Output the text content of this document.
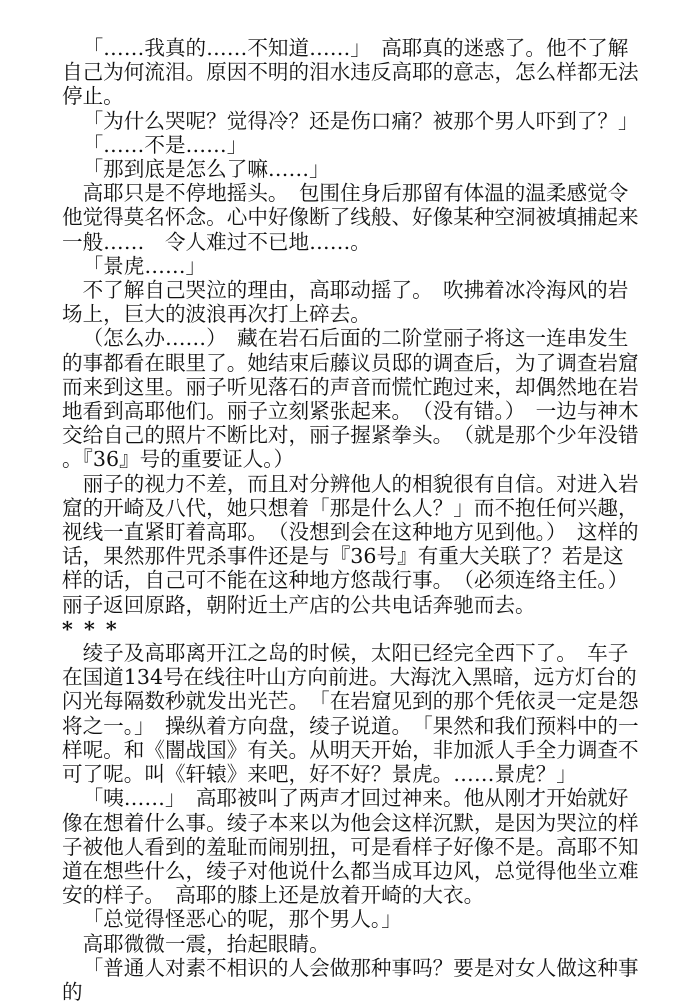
「……我真的……不知道……」　高耶真的迷惑了。他不了解自己为何流泪。原因不明的泪水违反高耶的意志，怎么样都无法停止。

「为什么哭呢？觉得冷？还是伤口痛？被那个男人吓到了？」

「……不是……」

「那到底是怎么了嘛……」

高耶只是不停地摇头。　包围住身后那留有体温的温柔感觉令他觉得莫名怀念。心中好像断了线般、好像某种空洞被填捕起来一般……　令人难过不已地……。

「景虎……」

不了解自己哭泣的理由，高耶动摇了。　吹拂着冰冷海风的岩场上，巨大的波浪再次打上碎去。

（怎么办……）　藏在岩石后面的二阶堂丽子将这一连串发生的事都看在眼里了。她结束后藤议员邸的调查后，为了调查岩窟而来到这里。丽子听见落石的声音而慌忙跑过来，却偶然地在岩地看到高耶他们。丽子立刻紧张起来。　（没有错。）　一边与神木交给自己的照片不断比对，丽子握紧拳头。　（就是那个少年没错。『36』号的重要证人。）

丽子的视力不差，而且对分辨他人的相貌很有自信。对进入岩窟的开崎及八代，她只想着「那是什么人？」而不抱任何兴趣，视线一直紧盯着高耶。　（没想到会在这种地方见到他。）　这样的话，果然那件咒杀事件还是与『36号』有重大关联了？若是这样的话，自己可不能在这种地方悠哉行事。　（必须连络主任。）　丽子返回原路，朝附近土产店的公共电话奔驰而去。

* * *

绫子及高耶离开江之岛的时候，太阳已经完全西下了。　车子在国道134号在线往叶山方向前进。大海沈入黑暗，远方灯台的闪光每隔数秒就发出光芒。　「在岩窟见到的那个凭依灵一定是怨将之一。」　操纵着方向盘，绫子说道。　「果然和我们预料中的一样呢。和《闇战国》有关。从明天开始，非加派人手全力调查不可了呢。叫《轩辕》来吧，好不好？景虎。……景虎？」

「咦……」　高耶被叫了两声才回过神来。他从刚才开始就好像在想着什么事。绫子本来以为他会这样沉默，是因为哭泣的样子被他人看到的羞耻而闹别扭，可是看样子好像不是。高耶不知道在想些什么，绫子对他说什么都当成耳边风，总觉得他坐立难安的样子。　高耶的膝上还是放着开崎的大衣。

「总觉得怪恶心的呢，那个男人。」

高耶微微一震，抬起眼睛。

「普通人对素不相识的人会做那种事吗？要是对女人做这种事的
